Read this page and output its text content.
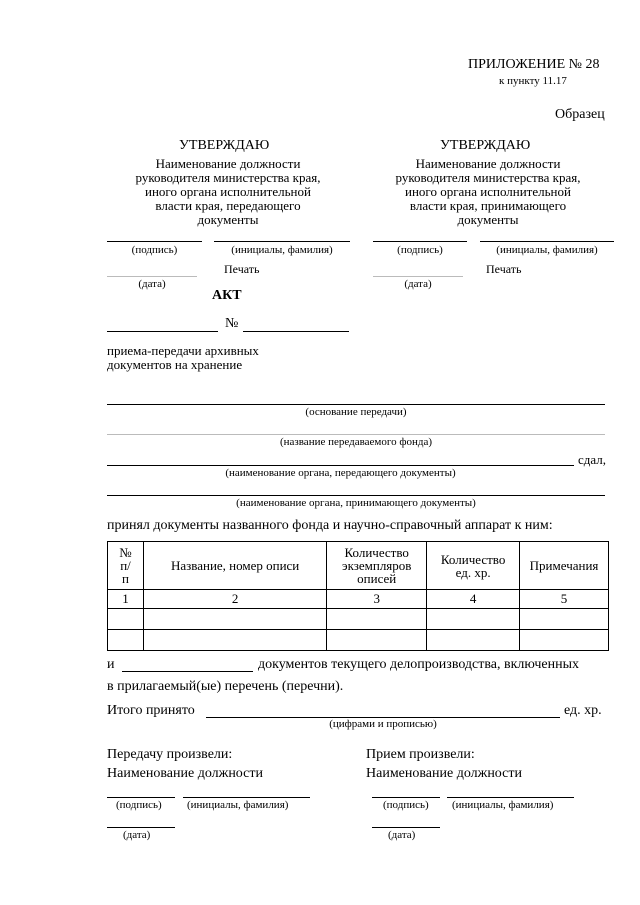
ПРИЛОЖЕНИЕ № 28
к пункту 11.17
Образец
УТВЕРЖДАЮ
Наименование должности
руководителя министерства края,
иного органа исполнительной
власти края, передающего
документы
(подпись)	(инициалы, фамилия)
Печать
(дата)
УТВЕРЖДАЮ
Наименование должности
руководителя министерства края,
иного органа исполнительной
власти края, принимающего
документы
(подпись)	(инициалы, фамилия)
Печать
(дата)
АКТ
№
приема-передачи архивных
документов на хранение
(основание передачи)
(название передаваемого фонда)
сдал,
(наименование органа, передающего документы)
(наименование органа, принимающего документы)
принял документы названного фонда и научно-справочный аппарат к ним:
№ п/п	Название, номер описи	Количество экземпляров описей	Количество ед. хр.	Примечания
1	2	3	4	5

и	документов текущего делопроизводства, включенных
в прилагаемый(ые) перечень (перечни).
Итого принято	ед. хр.
(цифрами и прописью)
Передачу произвели:
Наименование должности
(подпись) (инициалы, фамилия)
(дата)
Прием произвели:
Наименование должности
(подпись) (инициалы, фамилия)
(дата)
